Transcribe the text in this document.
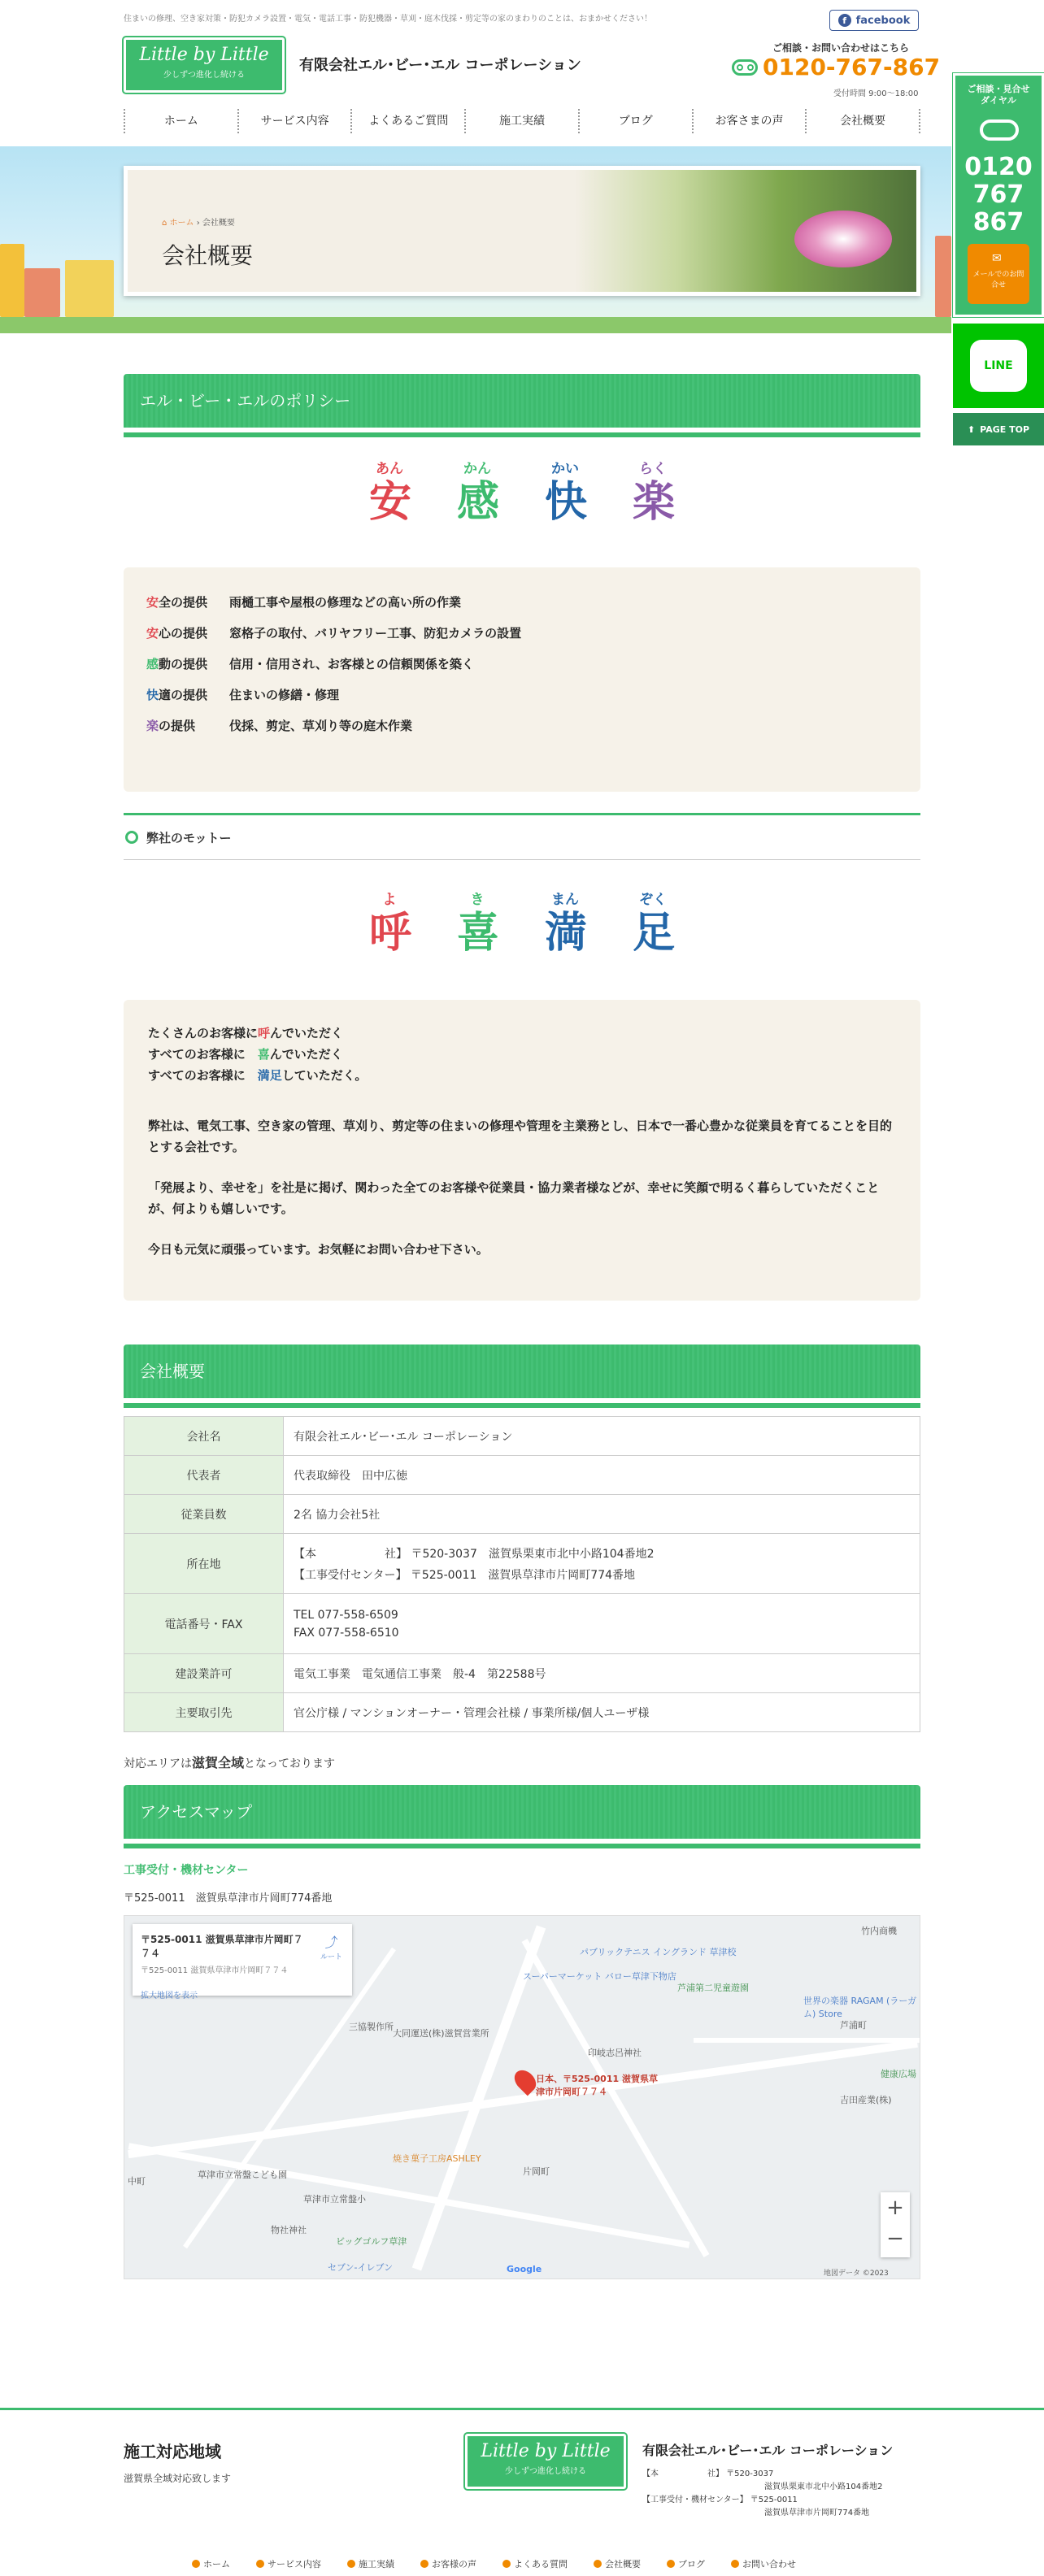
住まいの修理、空き家対策・防犯カメラ設置・電気・電話工事・防犯機器・草刈・庭木伐採・剪定等の家のまわりのことは、おまかせください！	f facebook
Little by Little
少しずつ進化し続ける
有限会社エル･ビー･エル コーポレーション
ご相談・お問い合わせはこちら
0120-767-867
受付時間 9:00〜18:00
ホーム	サービス内容	よくあるご質問	施工実績	ブログ	お客さまの声	会社概要
⌂ ホーム › 会社概要
会社概要
エル・ビー・エルのポリシー
あん
安
かん
感
かい
快
らく
楽
安全の提供 雨樋工事や屋根の修理などの高い所の作業
安心の提供 窓格子の取付、バリヤフリー工事、防犯カメラの設置
感動の提供 信用・信用され、お客様との信頼関係を築く
快適の提供 住まいの修繕・修理
楽の提供	伐採、剪定、草刈り等の庭木作業
弊社のモットー
よ
呼
き
喜
まん
満
ぞく
足
たくさんのお客様に呼んでいただく
すべてのお客様に　喜んでいただく
すべてのお客様に　満足していただく。
弊社は、電気工事、空き家の管理、草刈り、剪定等の住まいの修理や管理を主業務とし、日本で一番心豊かな従業員を育てることを目的とする会社です。
「発展より、幸せを」を社是に掲げ、関わった全てのお客様や従業員・協力業者様などが、幸せに笑顔で明るく暮らしていただくことが、何よりも嬉しいです。
今日も元気に頑張っています。お気軽にお問い合わせ下さい。
会社概要
会社名	有限会社エル･ビー･エル コーポレーション
代表者	代表取締役　田中広徳
従業員数	2名 協力会社5社
所在地	【本　　　　　　社】 〒520-3037　滋賀県栗東市北中小路104番地2
【工事受付センター】 〒525-0011　滋賀県草津市片岡町774番地

電話番号・FAX	TEL 077-558-6509
FAX 077-558-6510

建設業許可	電気工事業　電気通信工事業　般-4　第22588号
主要取引先	官公庁様 / マンションオーナー・管理会社様 / 事業所様/個人ユーザ様
対応エリアは滋賀全域となっております
アクセスマップ
工事受付・機材センター
〒525-0011　滋賀県草津市片岡町774番地
パブリックテニス イングランド 草津校
スーパーマーケット バロー草津下物店
芦浦第二児童遊園
世界の楽器 RAGAM (ラーガム) Store
大同運送(株)滋賀営業所
印岐志呂神社
三協製作所
焼き菓子工房ASHLEY
片岡町
草津市立常盤こども園
草津市立常盤小
ビッグゴルフ草津
物社神社
セブン-イレブン
吉田産業(株)
健康広場
芦浦町
竹内商機
中町
〒525-0011 滋賀県草津市片岡町７７４
〒525-0011 滋賀県草津市片岡町７７４
拡大地図を表示
⤴
ルート
日本、〒525-0011 滋賀県草津市片岡町７７４
+
−
Google	地図データ ©2023
施工対応地域
滋賀県全域対応致します
Little by Little
少しずつ進化し続ける
有限会社エル･ビー･エル コーポレーション
【本　　　　　　社】 〒520-3037
滋賀県栗東市北中小路104番地2
【工事受付・機材センター】 〒525-0011
滋賀県草津市片岡町774番地
ホーム	サービス内容	施工実績	お客様の声	よくある質問	会社概要	ブログ	お問い合わせ
ご相談・見合せダイヤル
0120
767
867
LINE
⬆ PAGE TOP
✉
メールでのお問合せ
